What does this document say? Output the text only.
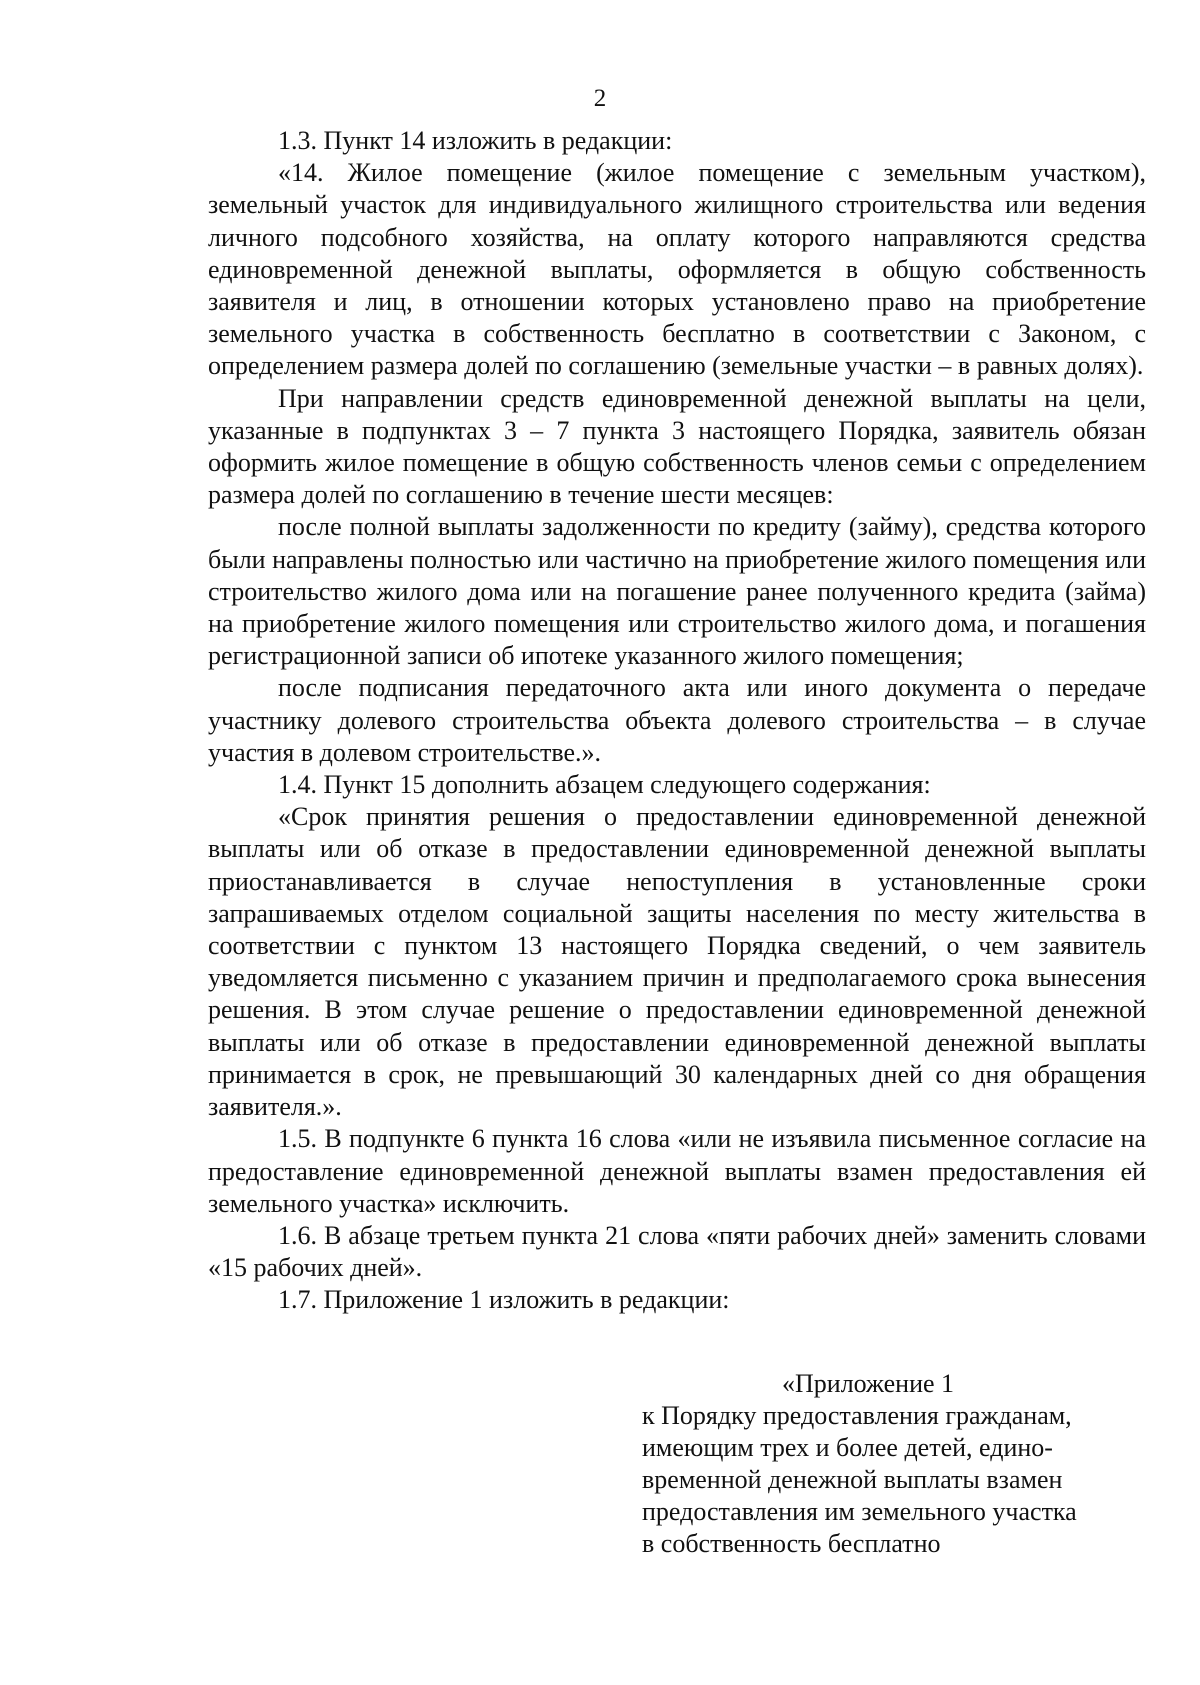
2

1.3. Пункт 14 изложить в редакции:

«14. Жилое помещение (жилое помещение с земельным участком), земельный участок для индивидуального жилищного строительства или ведения личного подсобного хозяйства, на оплату которого направляются средства единовременной денежной выплаты, оформляется в общую собственность заявителя и лиц, в отношении которых установлено право на приобретение земельного участка в собственность бесплатно в соответствии с Законом, с определением размера долей по соглашению (земельные участки – в равных долях).

При направлении средств единовременной денежной выплаты на цели, указанные в подпунктах 3 – 7 пункта 3 настоящего Порядка, заявитель обязан оформить жилое помещение в общую собственность членов семьи с определением размера долей по соглашению в течение шести месяцев:

после полной выплаты задолженности по кредиту (займу), средства которого были направлены полностью или частично на приобретение жилого помещения или строительство жилого дома или на погашение ранее полученного кредита (займа) на приобретение жилого помещения или строительство жилого дома, и погашения регистрационной записи об ипотеке указанного жилого помещения;

после подписания передаточного акта или иного документа о передаче участнику долевого строительства объекта долевого строительства – в случае участия в долевом строительстве.».

1.4. Пункт 15 дополнить абзацем следующего содержания:

«Срок принятия решения о предоставлении единовременной денежной выплаты или об отказе в предоставлении единовременной денежной выплаты приостанавливается в случае непоступления в установленные сроки запрашиваемых отделом социальной защиты населения по месту жительства в соответствии с пунктом 13 настоящего Порядка сведений, о чем заявитель уведомляется письменно с указанием причин и предполагаемого срока вынесения решения. В этом случае решение о предоставлении единовременной денежной выплаты или об отказе в предоставлении единовременной денежной выплаты принимается в срок, не превышающий 30 календарных дней со дня обращения заявителя.».

1.5. В подпункте 6 пункта 16 слова «или не изъявила письменное согласие на предоставление единовременной денежной выплаты взамен предоставления ей земельного участка» исключить.

1.6. В абзаце третьем пункта 21 слова «пяти рабочих дней» заменить словами «15 рабочих дней».

1.7. Приложение 1 изложить в редакции:

«Приложение 1

к Порядку предоставления гражданам,

имеющим трех и более детей, едино-

временной денежной выплаты взамен

предоставления им земельного участка

в собственность бесплатно
